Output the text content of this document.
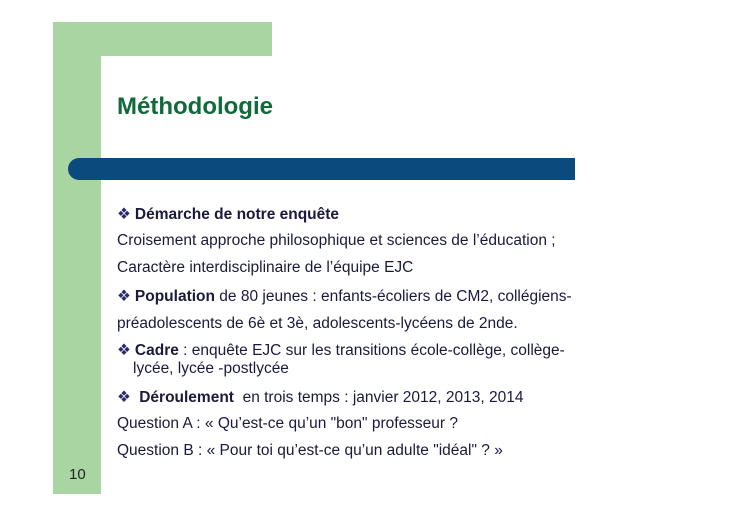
Méthodologie
❖ Démarche de notre enquête
Croisement approche philosophique et sciences de l’éducation ;
Caractère interdisciplinaire de l’équipe EJC
❖ Population de 80 jeunes : enfants-écoliers de CM2, collégiens-
préadolescents de 6è et 3è, adolescents-lycéens de 2nde.
❖ Cadre : enquête EJC sur les transitions école-collège, collège-
lycée, lycée -postlycée
❖ Déroulement  en trois temps : janvier 2012, 2013, 2014
Question A : « Qu’est-ce qu’un "bon" professeur ?
Question B : « Pour toi qu’est-ce qu’un adulte "idéal" ? »
10
